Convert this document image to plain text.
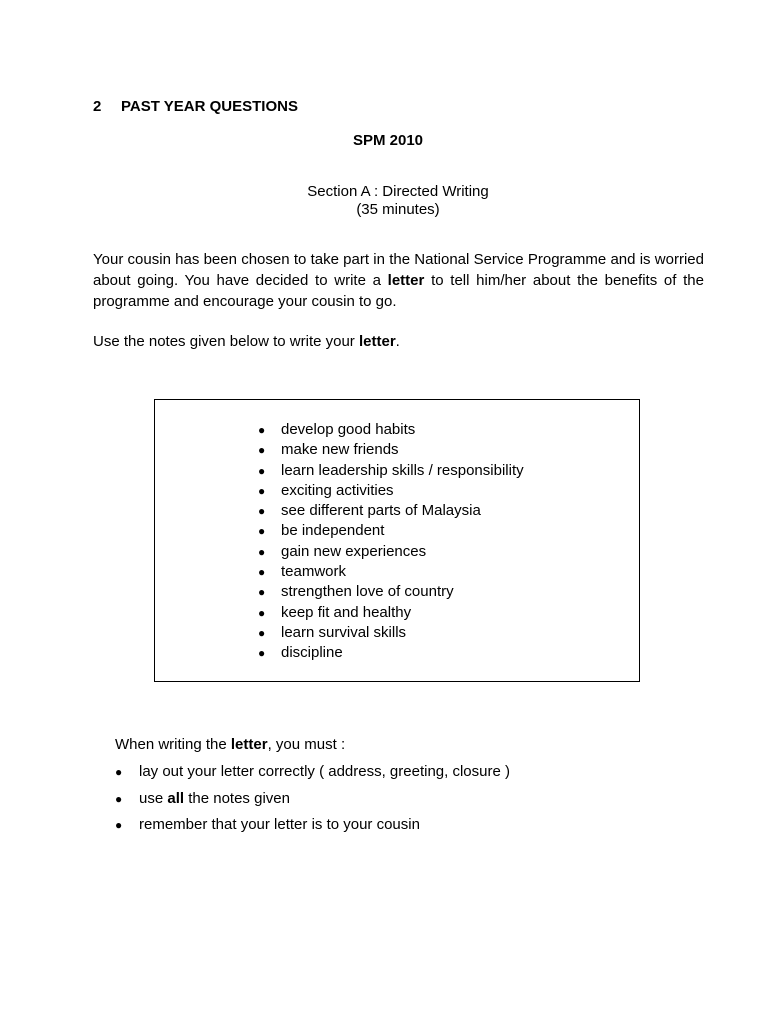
2 PAST YEAR QUESTIONS
SPM 2010
Section A : Directed Writing
(35 minutes)

Your cousin has been chosen to take part in the National Service Programme and is worried about going. You have decided to write a letter to tell him/her about the benefits of the programme and encourage your cousin to go.

Use the notes given below to write your letter.

● develop good habits
● make new friends
● learn leadership skills / responsibility
● exciting activities
● see different parts of Malaysia
● be independent
● gain new experiences
● teamwork
● strengthen love of country
● keep fit and healthy
● learn survival skills
● discipline

When writing the letter, you must :

● lay out your letter correctly ( address, greeting, closure )
● use all the notes given
● remember that your letter is to your cousin
